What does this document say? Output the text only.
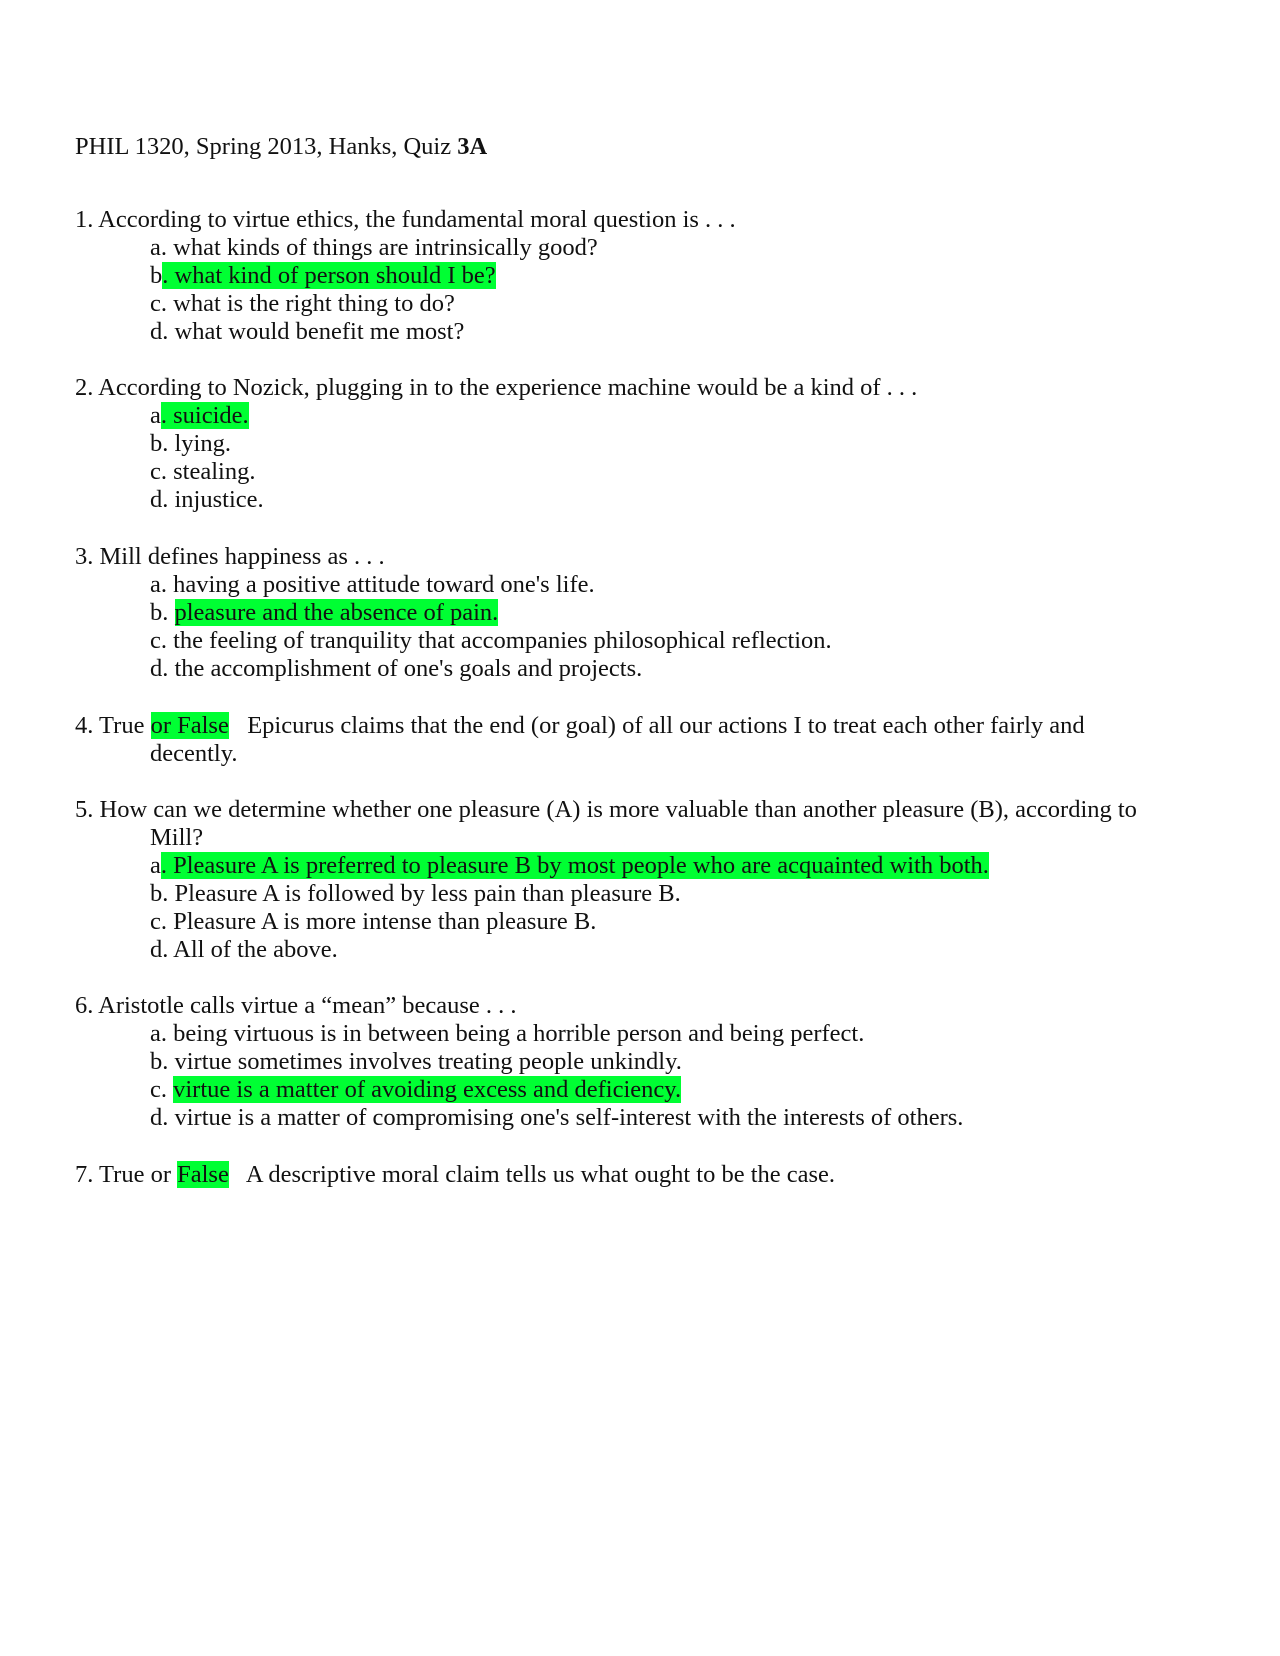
PHIL 1320, Spring 2013, Hanks, Quiz 3A
1. According to virtue ethics, the fundamental moral question is . . .
a. what kinds of things are intrinsically good?
b. what kind of person should I be?
c. what is the right thing to do?
d. what would benefit me most?
2. According to Nozick, plugging in to the experience machine would be a kind of . . .
a. suicide.
b. lying.
c. stealing.
d. injustice.
3. Mill defines happiness as . . .
a. having a positive attitude toward one's life.
b. pleasure and the absence of pain.
c. the feeling of tranquility that accompanies philosophical reflection.
d. the accomplishment of one's goals and projects.
4. True or False   Epicurus claims that the end (or goal) of all our actions I to treat each other fairly and
decently.
5. How can we determine whether one pleasure (A) is more valuable than another pleasure (B), according to
Mill?
a. Pleasure A is preferred to pleasure B by most people who are acquainted with both.
b. Pleasure A is followed by less pain than pleasure B.
c. Pleasure A is more intense than pleasure B.
d. All of the above.
6. Aristotle calls virtue a “mean” because . . .
a. being virtuous is in between being a horrible person and being perfect.
b. virtue sometimes involves treating people unkindly.
c. virtue is a matter of avoiding excess and deficiency.
d. virtue is a matter of compromising one's self-interest with the interests of others.
7. True or False   A descriptive moral claim tells us what ought to be the case.
